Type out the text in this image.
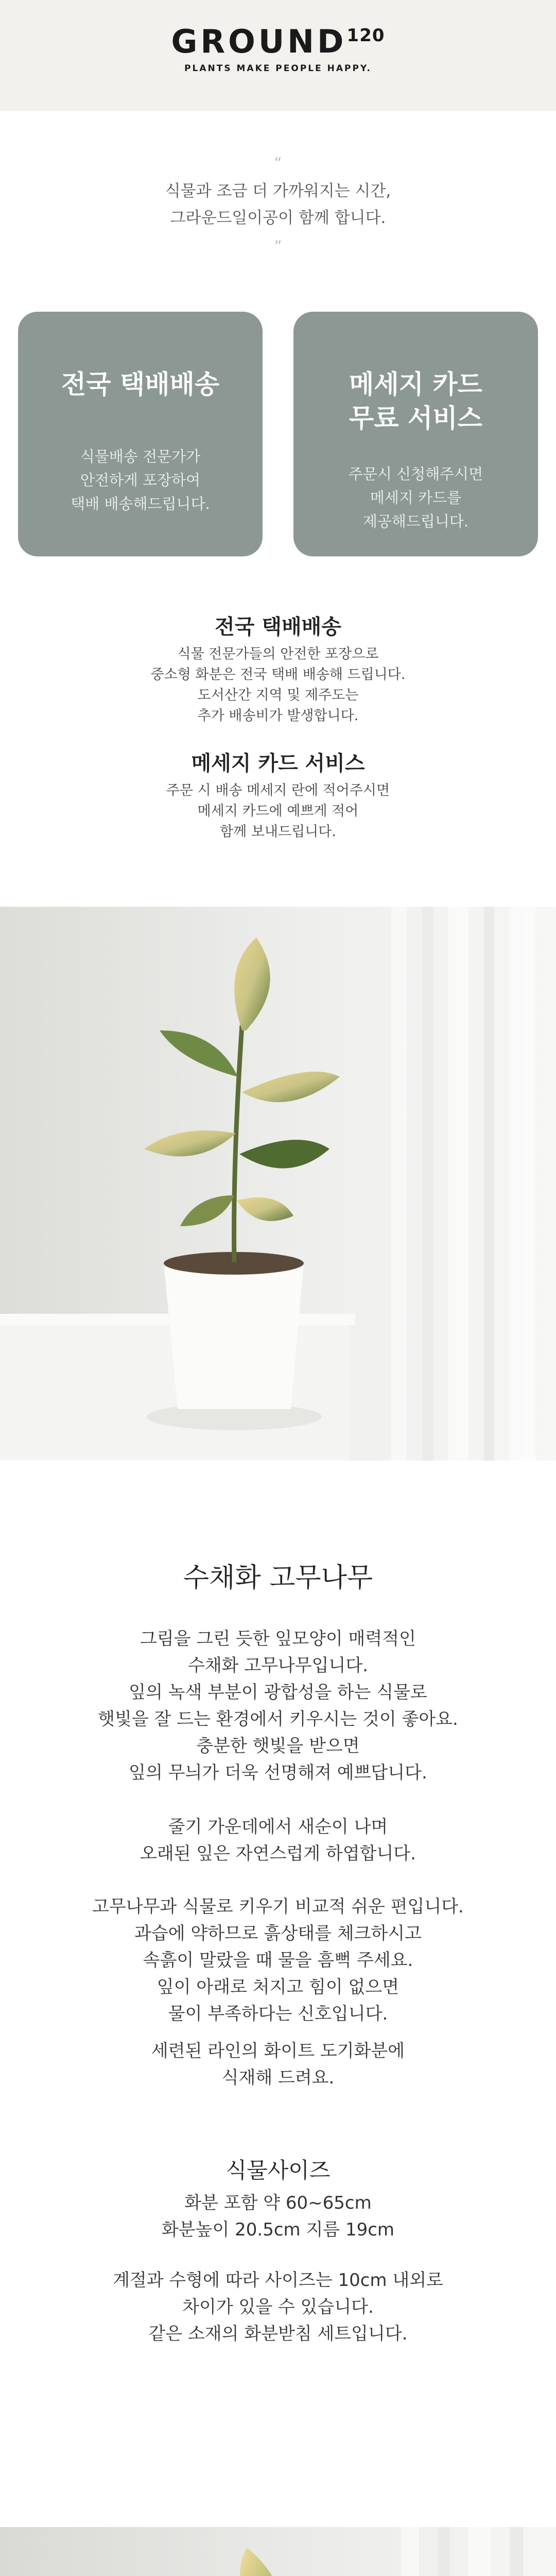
GROUND$^{120}$
PLANTS MAKE PEOPLE HAPPY.
“
식물과 조금 더 가까워지는 시간,
그라운드일이공이 함께 합니다.
”
전국 택배배송
식물배송 전문가가
안전하게 포장하여
택배 배송해드립니다.
메세지 카드
무료 서비스
주문시 신청해주시면
메세지 카드를
제공해드립니다.
전국 택배배송
식물 전문가들의 안전한 포장으로
중소형 화분은 전국 택배 배송해 드립니다.
도서산간 지역 및 제주도는
추가 배송비가 발생합니다.
메세지 카드 서비스
주문 시 배송 메세지 란에 적어주시면
메세지 카드에 예쁘게 적어
함께 보내드립니다.
수채화 고무나무
그림을 그린 듯한 잎모양이 매력적인
수채화 고무나무입니다.
잎의 녹색 부분이 광합성을 하는 식물로
햇빛을 잘 드는 환경에서 키우시는 것이 좋아요.
충분한 햇빛을 받으면
잎의 무늬가 더욱 선명해져 예쁘답니다.
줄기 가운데에서 새순이 나며
오래된 잎은 자연스럽게 하엽합니다.
고무나무과 식물로 키우기 비교적 쉬운 편입니다.
과습에 약하므로 흙상태를 체크하시고
속흙이 말랐을 때 물을 흠뻑 주세요.
잎이 아래로 처지고 힘이 없으면
물이 부족하다는 신호입니다.
세련된 라인의 화이트 도기화분에
식재해 드려요.
식물사이즈
화분 포함 약 60~65cm
화분높이 20.5cm 지름 19cm
계절과 수형에 따라 사이즈는 10cm 내외로
차이가 있을 수 있습니다.
같은 소재의 화분받침 세트입니다.
